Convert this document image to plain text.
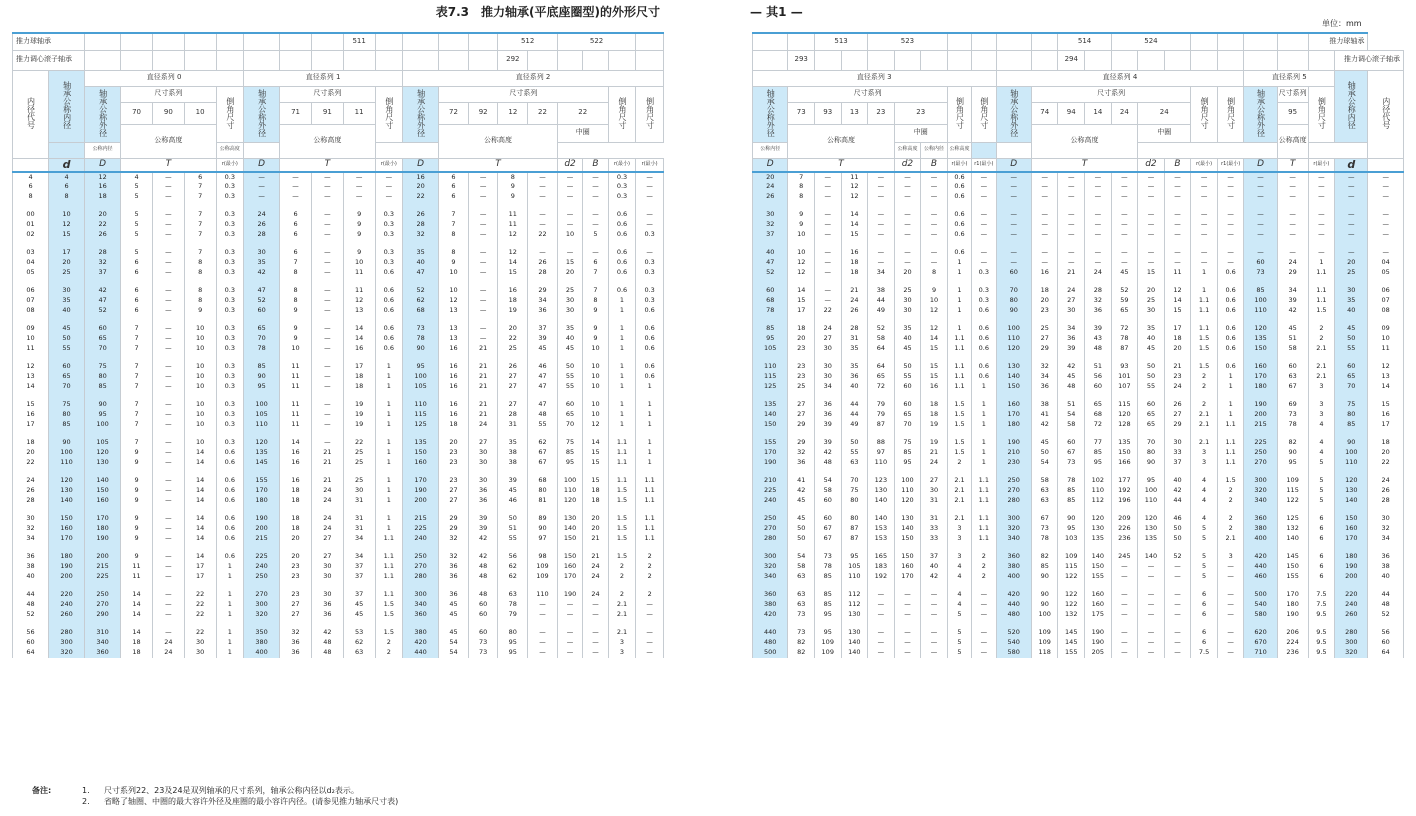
表7.3　推力轴承(平底座圈型)的外形尺寸	— 其1 —
单位：mm
推力球轴承										511					512		522			
推力调心滚子轴承															292					
内径代号	轴承公称内径	直径系列 0					直径系列 1					直径系列 2								
		轴承公称外径	尺寸系列			倒角尺寸	轴承公称外径	尺寸系列			倒角尺寸	轴承公称外径	尺寸系列						倒角尺寸	倒角尺寸
			70	90	10			71	91	11			72	92	12	22	22			
			公称高度					公称高度					公称高度				中圈			
		公称内径				公称高度														
	d	D	T			r(最小)	D	T			r(最小)	D	T				d2	B	r(最小)	r(最小)
4	4	12	4	—	6	0.3	—	—	—	—	—	16	6	—	8	—	—	—	0.3	—
6	6	16	5	—	7	0.3	—	—	—	—	—	20	6	—	9	—	—	—	0.3	—
8	8	18	5	—	7	0.3	—	—	—	—	—	22	6	—	9	—	—	—	0.3	—

00	10	20	5	—	7	0.3	24	6	—	9	0.3	26	7	—	11	—	—	—	0.6	—
01	12	22	5	—	7	0.3	26	6	—	9	0.3	28	7	—	11	—	—	—	0.6	—
02	15	26	5	—	7	0.3	28	6	—	9	0.3	32	8	—	12	22	10	5	0.6	0.3

03	17	28	5	—	7	0.3	30	6	—	9	0.3	35	8	—	12	—	—	—	0.6	—
04	20	32	6	—	8	0.3	35	7	—	10	0.3	40	9	—	14	26	15	6	0.6	0.3
05	25	37	6	—	8	0.3	42	8	—	11	0.6	47	10	—	15	28	20	7	0.6	0.3

06	30	42	6	—	8	0.3	47	8	—	11	0.6	52	10	—	16	29	25	7	0.6	0.3
07	35	47	6	—	8	0.3	52	8	—	12	0.6	62	12	—	18	34	30	8	1	0.3
08	40	52	6	—	9	0.3	60	9	—	13	0.6	68	13	—	19	36	30	9	1	0.6

09	45	60	7	—	10	0.3	65	9	—	14	0.6	73	13	—	20	37	35	9	1	0.6
10	50	65	7	—	10	0.3	70	9	—	14	0.6	78	13	—	22	39	40	9	1	0.6
11	55	70	7	—	10	0.3	78	10	—	16	0.6	90	16	21	25	45	45	10	1	0.6

12	60	75	7	—	10	0.3	85	11	—	17	1	95	16	21	26	46	50	10	1	0.6
13	65	80	7	—	10	0.3	90	11	—	18	1	100	16	21	27	47	55	10	1	0.6
14	70	85	7	—	10	0.3	95	11	—	18	1	105	16	21	27	47	55	10	1	1

15	75	90	7	—	10	0.3	100	11	—	19	1	110	16	21	27	47	60	10	1	1
16	80	95	7	—	10	0.3	105	11	—	19	1	115	16	21	28	48	65	10	1	1
17	85	100	7	—	10	0.3	110	11	—	19	1	125	18	24	31	55	70	12	1	1

18	90	105	7	—	10	0.3	120	14	—	22	1	135	20	27	35	62	75	14	1.1	1
20	100	120	9	—	14	0.6	135	16	21	25	1	150	23	30	38	67	85	15	1.1	1
22	110	130	9	—	14	0.6	145	16	21	25	1	160	23	30	38	67	95	15	1.1	1

24	120	140	9	—	14	0.6	155	16	21	25	1	170	23	30	39	68	100	15	1.1	1.1
26	130	150	9	—	14	0.6	170	18	24	30	1	190	27	36	45	80	110	18	1.5	1.1
28	140	160	9	—	14	0.6	180	18	24	31	1	200	27	36	46	81	120	18	1.5	1.1

30	150	170	9	—	14	0.6	190	18	24	31	1	215	29	39	50	89	130	20	1.5	1.1
32	160	180	9	—	14	0.6	200	18	24	31	1	225	29	39	51	90	140	20	1.5	1.1
34	170	190	9	—	14	0.6	215	20	27	34	1.1	240	32	42	55	97	150	21	1.5	1.1

36	180	200	9	—	14	0.6	225	20	27	34	1.1	250	32	42	56	98	150	21	1.5	2
38	190	215	11	—	17	1	240	23	30	37	1.1	270	36	48	62	109	160	24	2	2
40	200	225	11	—	17	1	250	23	30	37	1.1	280	36	48	62	109	170	24	2	2

44	220	250	14	—	22	1	270	23	30	37	1.1	300	36	48	63	110	190	24	2	2
48	240	270	14	—	22	1	300	27	36	45	1.5	340	45	60	78	—	—	—	2.1	—
52	260	290	14	—	22	1	320	27	36	45	1.5	360	45	60	79	—	—	—	2.1	—

56	280	310	14	—	22	1	350	32	42	53	1.5	380	45	60	80	—	—	—	2.1	—
60	300	340	18	24	30	1	380	36	48	62	2	420	54	73	95	—	—	—	3	—
64	320	360	18	24	30	1	400	36	48	63	2	440	54	73	95	—	—	—	3	—
		513		523							514		524							推力球轴承		
	293										294										推力调心滚子轴承	
直径系列 3									直径系列 4									直径系列 5			轴承公称内径	内径代号
轴承公称外径	尺寸系列						倒角尺寸	倒角尺寸	轴承公称外径	尺寸系列						倒角尺寸	倒角尺寸	轴承公称外径	尺寸系列	倒角尺寸		
	73	93	13	23	23					74	94	14	24	24					95			
	公称高度				中圈					公称高度				中圈					公称高度			
公称内径					公称高度	公称内径	公称高度															
D	T				d2	B	r(最小)	r1(最小)	D	T				d2	B	r(最小)	r1(最小)	D	T	r(最小)	d	
20	7	—	11	—	—	—	0.6	—	—	—	—	—	—	—	—	—	—	—	—	—	—	—
24	8	—	12	—	—	—	0.6	—	—	—	—	—	—	—	—	—	—	—	—	—	—	—
26	8	—	12	—	—	—	0.6	—	—	—	—	—	—	—	—	—	—	—	—	—	—	—

30	9	—	14	—	—	—	0.6	—	—	—	—	—	—	—	—	—	—	—	—	—	—	—
32	9	—	14	—	—	—	0.6	—	—	—	—	—	—	—	—	—	—	—	—	—	—	—
37	10	—	15	—	—	—	0.6	—	—	—	—	—	—	—	—	—	—	—	—	—	—	—

40	10	—	16	—	—	—	0.6	—	—	—	—	—	—	—	—	—	—	—	—	—	—	—
47	12	—	18	—	—	—	1	—	—	—	—	—	—	—	—	—	—	60	24	1	20	04
52	12	—	18	34	20	8	1	0.3	60	16	21	24	45	15	11	1	0.6	73	29	1.1	25	05

60	14	—	21	38	25	9	1	0.3	70	18	24	28	52	20	12	1	0.6	85	34	1.1	30	06
68	15	—	24	44	30	10	1	0.3	80	20	27	32	59	25	14	1.1	0.6	100	39	1.1	35	07
78	17	22	26	49	30	12	1	0.6	90	23	30	36	65	30	15	1.1	0.6	110	42	1.5	40	08

85	18	24	28	52	35	12	1	0.6	100	25	34	39	72	35	17	1.1	0.6	120	45	2	45	09
95	20	27	31	58	40	14	1.1	0.6	110	27	36	43	78	40	18	1.5	0.6	135	51	2	50	10
105	23	30	35	64	45	15	1.1	0.6	120	29	39	48	87	45	20	1.5	0.6	150	58	2.1	55	11

110	23	30	35	64	50	15	1.1	0.6	130	32	42	51	93	50	21	1.5	0.6	160	60	2.1	60	12
115	23	30	36	65	55	15	1.1	0.6	140	34	45	56	101	50	23	2	1	170	63	2.1	65	13
125	25	34	40	72	60	16	1.1	1	150	36	48	60	107	55	24	2	1	180	67	3	70	14

135	27	36	44	79	60	18	1.5	1	160	38	51	65	115	60	26	2	1	190	69	3	75	15
140	27	36	44	79	65	18	1.5	1	170	41	54	68	120	65	27	2.1	1	200	73	3	80	16
150	29	39	49	87	70	19	1.5	1	180	42	58	72	128	65	29	2.1	1.1	215	78	4	85	17

155	29	39	50	88	75	19	1.5	1	190	45	60	77	135	70	30	2.1	1.1	225	82	4	90	18
170	32	42	55	97	85	21	1.5	1	210	50	67	85	150	80	33	3	1.1	250	90	4	100	20
190	36	48	63	110	95	24	2	1	230	54	73	95	166	90	37	3	1.1	270	95	5	110	22

210	41	54	70	123	100	27	2.1	1.1	250	58	78	102	177	95	40	4	1.5	300	109	5	120	24
225	42	58	75	130	110	30	2.1	1.1	270	63	85	110	192	100	42	4	2	320	115	5	130	26
240	45	60	80	140	120	31	2.1	1.1	280	63	85	112	196	110	44	4	2	340	122	5	140	28

250	45	60	80	140	130	31	2.1	1.1	300	67	90	120	209	120	46	4	2	360	125	6	150	30
270	50	67	87	153	140	33	3	1.1	320	73	95	130	226	130	50	5	2	380	132	6	160	32
280	50	67	87	153	150	33	3	1.1	340	78	103	135	236	135	50	5	2.1	400	140	6	170	34

300	54	73	95	165	150	37	3	2	360	82	109	140	245	140	52	5	3	420	145	6	180	36
320	58	78	105	183	160	40	4	2	380	85	115	150	—	—	—	5	—	440	150	6	190	38
340	63	85	110	192	170	42	4	2	400	90	122	155	—	—	—	5	—	460	155	6	200	40

360	63	85	112	—	—	—	4	—	420	90	122	160	—	—	—	6	—	500	170	7.5	220	44
380	63	85	112	—	—	—	4	—	440	90	122	160	—	—	—	6	—	540	180	7.5	240	48
420	73	95	130	—	—	—	5	—	480	100	132	175	—	—	—	6	—	580	190	9.5	260	52

440	73	95	130	—	—	—	5	—	520	109	145	190	—	—	—	6	—	620	206	9.5	280	56
480	82	109	140	—	—	—	5	—	540	109	145	190	—	—	—	6	—	670	224	9.5	300	60
500	82	109	140	—	—	—	5	—	580	118	155	205	—	—	—	7.5	—	710	236	9.5	320	64
备注:	1. 尺寸系列22、23及24是双列轴承的尺寸系列，轴承公称内径以d₂表示。
2. 省略了轴圈、中圈的最大容许外径及座圈的最小容许内径。(请参见推力轴承尺寸表)
